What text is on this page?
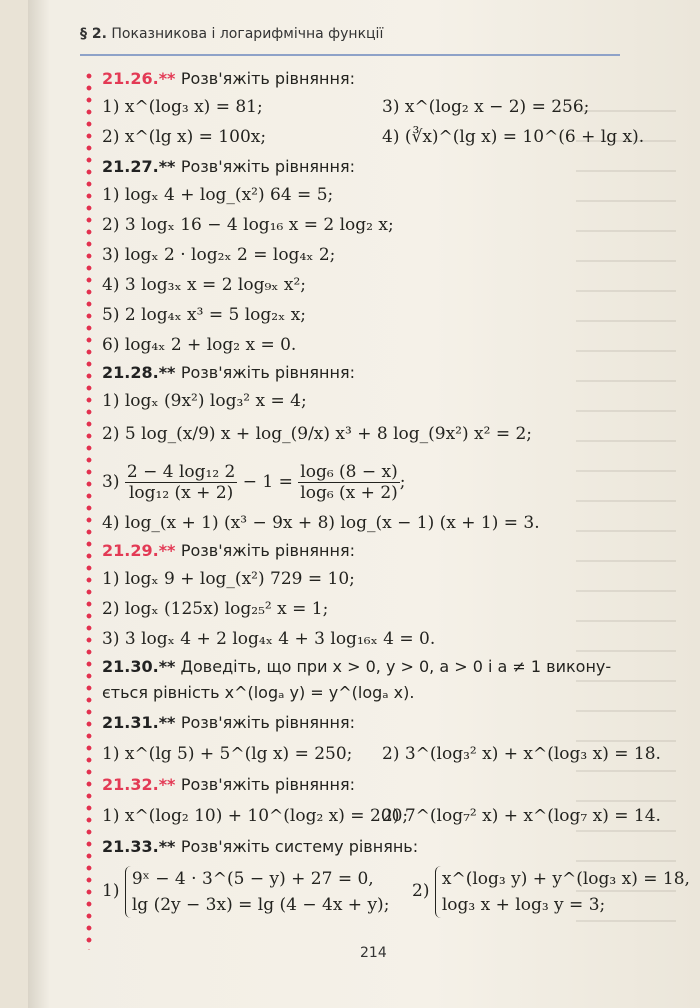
§ 2. Показникова і логарифмічна функції
21.26.** Розв'яжіть рівняння:
1) x^(log₃ x) = 81;	3) x^(log₂ x − 2) = 256;
2) x^(lg x) = 100x;	4) (∛x)^(lg x) = 10^(6 + lg x).
21.27.** Розв'яжіть рівняння:
1) logₓ 4 + log_(x²) 64 = 5;
2) 3 logₓ 16 − 4 log₁₆ x = 2 log₂ x;
3) logₓ 2 · log₂ₓ 2 = log₄ₓ 2;
4) 3 log₃ₓ x = 2 log₉ₓ x²;
5) 2 log₄ₓ x³ = 5 log₂ₓ x;
6) log₄ₓ 2 + log₂ x = 0.
21.28.** Розв'яжіть рівняння:
1) logₓ (9x²) log₃² x = 4;
2) 5 log_(x/9) x + log_(9/x) x³ + 8 log_(9x²) x² = 2;
$3) \frac{\text{2 − 4 log₁₂ 2}}{\text{log₁₂ (x + 2)}} - 1 = \frac{\text{log₆ (8 − x)}}{\text{log₆ (x + 2)}}$ ;
4) log_(x + 1) (x³ − 9x + 8) log_(x − 1) (x + 1) = 3.
21.29.** Розв'яжіть рівняння:
1) logₓ 9 + log_(x²) 729 = 10;
2) logₓ (125x) log₂₅² x = 1;
3) 3 logₓ 4 + 2 log₄ₓ 4 + 3 log₁₆ₓ 4 = 0.
21.30.** Доведіть, що при x > 0, y > 0, a > 0 і a ≠ 1 викону-
ється рівність x^(logₐ y) = y^(logₐ x).
21.31.** Розв'яжіть рівняння:
1) x^(lg 5) + 5^(lg x) = 250;	2) 3^(log₃² x) + x^(log₃ x) = 18.
21.32.** Розв'яжіть рівняння:
1) x^(log₂ 10) + 10^(log₂ x) = 200;
2) 7^(log₇² x) + x^(log₇ x) = 14.
21.33.** Розв'яжіть систему рівнянь:
1)
9ˣ − 4 · 3^(5 − y) + 27 = 0,
lg (2y − 3x) = lg (4 − 4x + y);
2)
x^(log₃ y) + y^(log₃ x) = 18,
log₃ x + log₃ y = 3;
214
